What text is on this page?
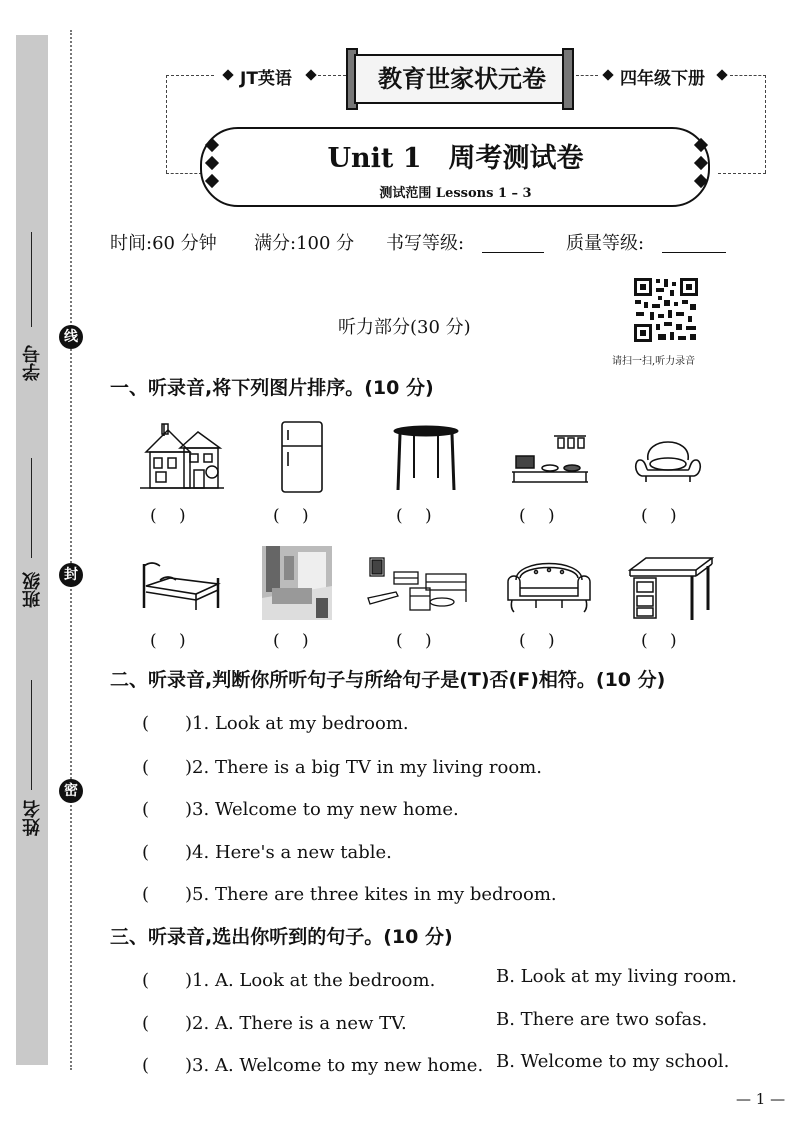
学号
班级
姓名
线
封
密
JT英语	教育世家状元卷	四年级下册
Unit 1　周考测试卷
测试范围 Lessons 1 – 3
时间:60 分钟 满分:100 分 书写等级:	质量等级:
听力部分(30 分)
请扫一扫,听力录音
一、听录音,将下列图片排序。(10 分)
(　 )	(　 )	(　 )	(　 )	(　 )
(　 )	(　 )	(　 )	(　 )	(　 )
二、听录音,判断你所听句子与所给句子是(T)否(F)相符。(10 分)
(　　)1. Look at my bedroom.
(　　)2. There is a big TV in my living room.
(　　)3. Welcome to my new home.
(　　)4. Here's a new table.
(　　)5. There are three kites in my bedroom.
三、听录音,选出你听到的句子。(10 分)
(　　)1. A. Look at the bedroom.	B. Look at my living room.
(　　)2. A. There is a new TV.	B. There are two sofas.
(　　)3. A. Welcome to my new home. B. Welcome to my school.
— 1 —
